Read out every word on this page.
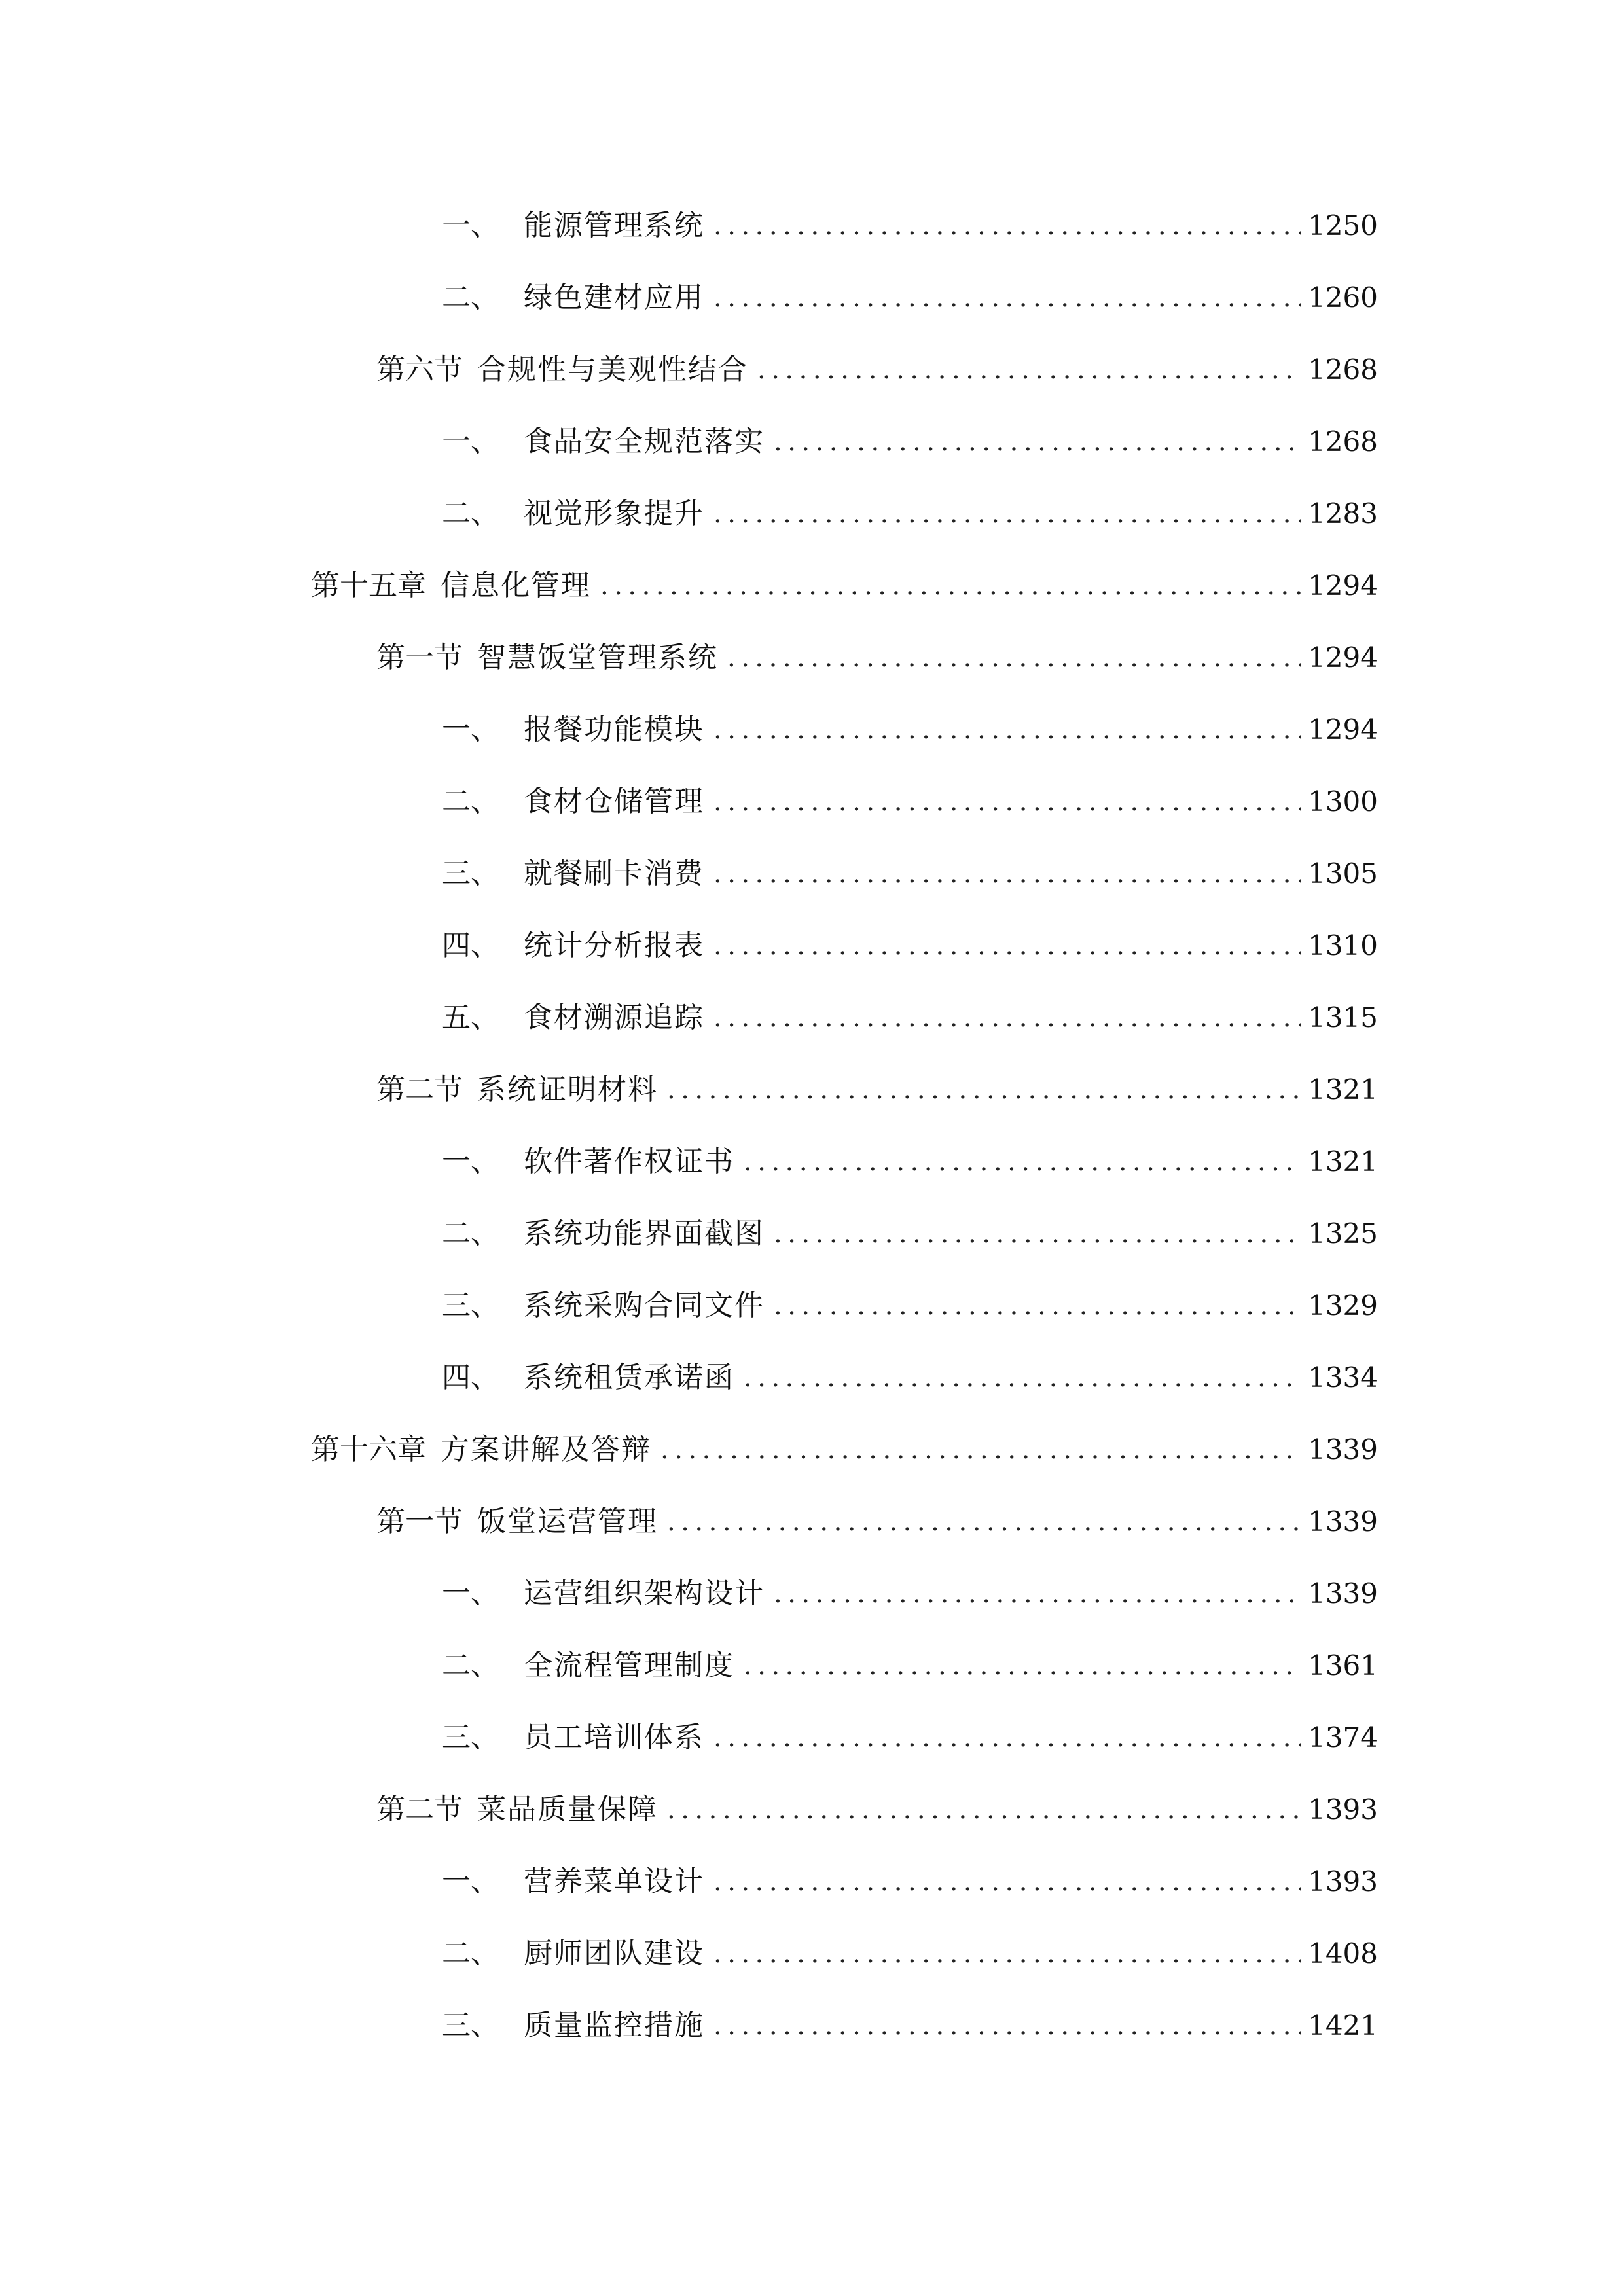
一、 能源管理系统 .....	1250
二、 绿色建材应用 .....	1260
第六节 合规性与美观性结合 .....	1268
一、 食品安全规范落实 .....	1268
二、 视觉形象提升 .....	1283
第十五章 信息化管理 .....	1294
第一节 智慧饭堂管理系统 .....	1294
一、 报餐功能模块 .....	1294
二、 食材仓储管理 .....	1300
三、 就餐刷卡消费 .....	1305
四、 统计分析报表 .....	1310
五、 食材溯源追踪 .....	1315
第二节 系统证明材料 .....	1321
一、 软件著作权证书 .....	1321
二、 系统功能界面截图 .....	1325
三、 系统采购合同文件 .....	1329
四、 系统租赁承诺函 .....	1334
第十六章 方案讲解及答辩 .....	1339
第一节 饭堂运营管理 .....	1339
一、 运营组织架构设计 .....	1339
二、 全流程管理制度 .....	1361
三、 员工培训体系 .....	1374
第二节 菜品质量保障 .....	1393
一、 营养菜单设计 .....	1393
二、 厨师团队建设 .....	1408
三、 质量监控措施 .....	1421
